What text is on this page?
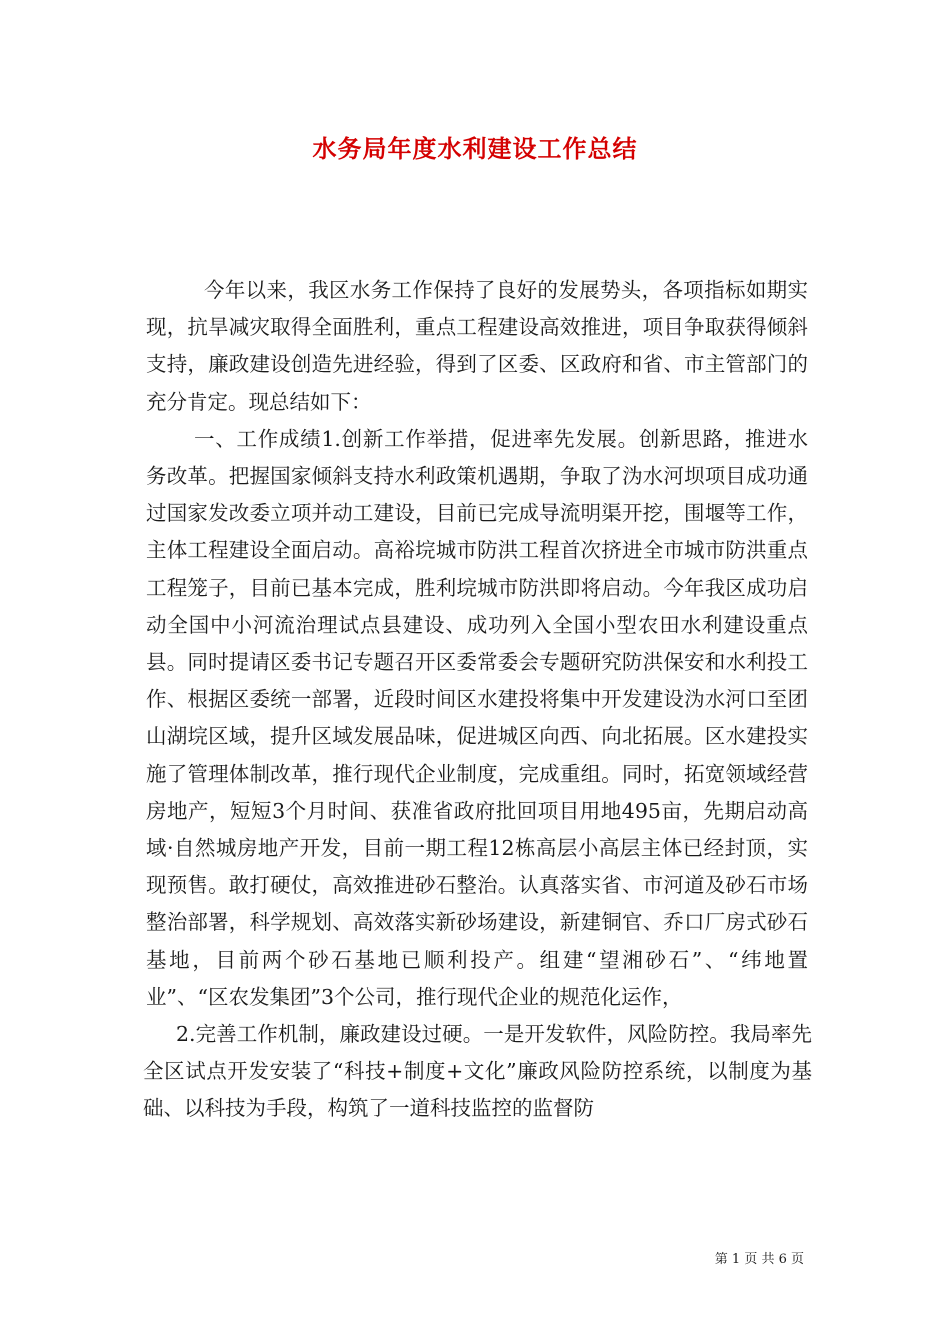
水务局年度水利建设工作总结

今年以来，我区水务工作保持了良好的发展势头，各项指标如期实现，抗旱减灾取得全面胜利，重点工程建设高效推进，项目争取获得倾斜支持，廉政建设创造先进经验，得到了区委、区政府和省、市主管部门的充分肯定。现总结如下：

一、工作成绩1.创新工作举措，促进率先发展。创新思路，推进水务改革。把握国家倾斜支持水利政策机遇期，争取了沩水河坝项目成功通过国家发改委立项并动工建设，目前已完成导流明渠开挖，围堰等工作，主体工程建设全面启动。高裕垸城市防洪工程首次挤进全市城市防洪重点工程笼子，目前已基本完成，胜利垸城市防洪即将启动。今年我区成功启动全国中小河流治理试点县建设、成功列入全国小型农田水利建设重点县。同时提请区委书记专题召开区委常委会专题研究防洪保安和水利投工作、根据区委统一部署，近段时间区水建投将集中开发建设沩水河口至团山湖垸区域，提升区域发展品味，促进城区向西、向北拓展。区水建投实施了管理体制改革，推行现代企业制度，完成重组。同时，拓宽领域经营房地产，短短3个月时间、获准省政府批回项目用地495亩，先期启动高域·自然城房地产开发，目前一期工程12栋高层小高层主体已经封顶，实现预售。敢打硬仗，高效推进砂石整治。认真落实省、市河道及砂石市场整治部署，科学规划、高效落实新砂场建设，新建铜官、乔口厂房式砂石基地，目前两个砂石基地已顺利投产。组建“望湘砂石”、“纬地置业”、“区农发集团”3个公司，推行现代企业的规范化运作，

2.完善工作机制，廉政建设过硬。一是开发软件，风险防控。我局率先全区试点开发安装了“科技+制度+文化”廉政风险防控系统，以制度为基础、以科技为手段，构筑了一道科技监控的监督防

第 1 页 共 6 页
